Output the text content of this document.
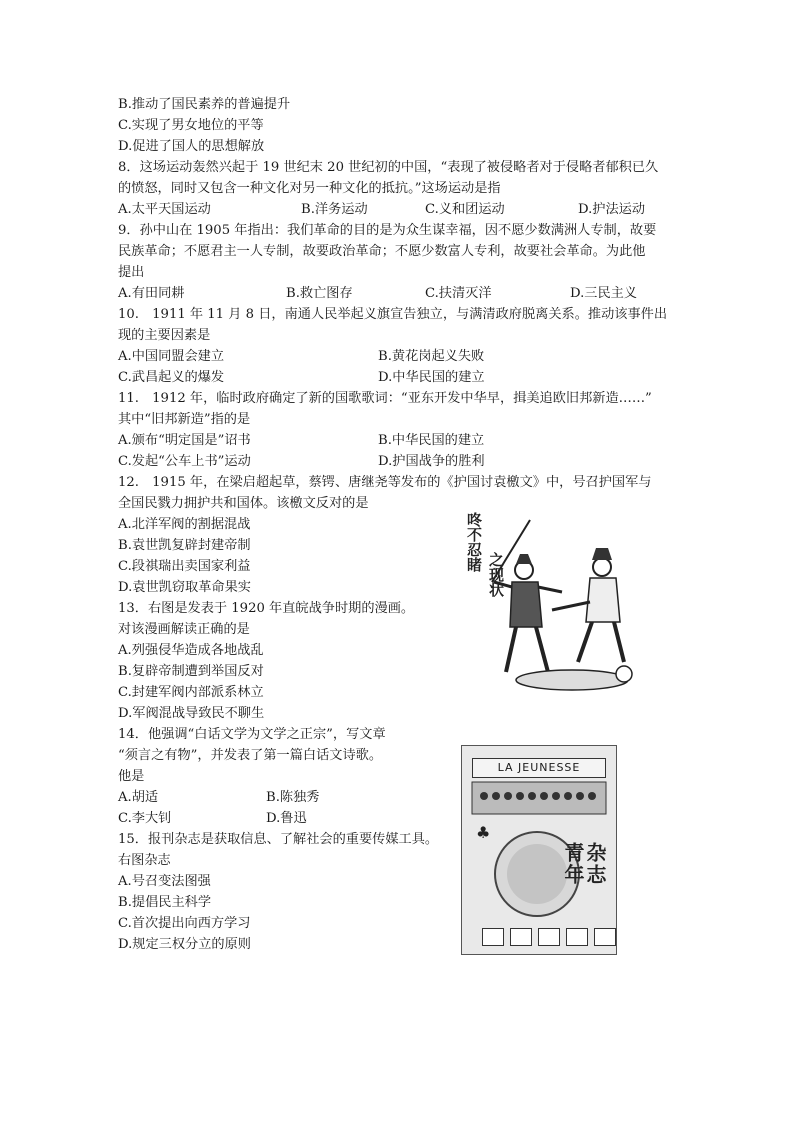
B.推动了国民素养的普遍提升
C.实现了男女地位的平等
D.促进了国人的思想解放
8．这场运动轰然兴起于 19 世纪末 20 世纪初的中国，“表现了被侵略者对于侵略者郁积已久
的愤怒，同时又包含一种文化对另一种文化的抵抗。”这场运动是指
A.太平天国运动	B.洋务运动	C.义和团运动	D.护法运动
9．孙中山在 1905 年指出：我们革命的目的是为众生谋幸福，因不愿少数满洲人专制，故要
民族革命；不愿君主一人专制，故要政治革命；不愿少数富人专利，故要社会革命。为此他
提出
A.有田同耕	B.救亡图存	C.扶清灭洋	D.三民主义
10.　1911 年 11 月 8 日，南通人民举起义旗宣告独立，与满清政府脱离关系。推动该事件出
现的主要因素是
A.中国同盟会建立	B.黄花岗起义失败
C.武昌起义的爆发	D.中华民国的建立
11.　1912 年，临时政府确定了新的国歌歌词：“亚东开发中华早，揖美追欧旧邦新造……”
其中“旧邦新造”指的是
A.颁布“明定国是”诏书	B.中华民国的建立
C.发起“公车上书”运动	D.护国战争的胜利
12.　1915 年，在梁启超起草，蔡锷、唐继尧等发布的《护国讨袁檄文》中，号召护国军与
全国民戮力拥护共和国体。该檄文反对的是
A.北洋军阀的割据混战
B.袁世凯复辟封建帝制
C.段祺瑞出卖国家利益
D.袁世凯窃取革命果实
13．右图是发表于 1920 年直皖战争时期的漫画。
对该漫画解读正确的是
A.列强侵华造成各地战乱
B.复辟帝制遭到举国反对
C.封建军阀内部派系林立
D.军阀混战导致民不聊生
14．他强调“白话文学为文学之正宗”，写文章
“须言之有物”，并发表了第一篇白话文诗歌。
他是
A.胡适	B.陈独秀
C.李大钊	D.鲁迅
15．报刊杂志是获取信息、了解社会的重要传媒工具。
右图杂志
A.号召变法图强
B.提倡民主科学
C.首次提出向西方学习
D.规定三权分立的原则
咚不忍睹
之现状
LA JEUNESSE
♣
青年
杂志
